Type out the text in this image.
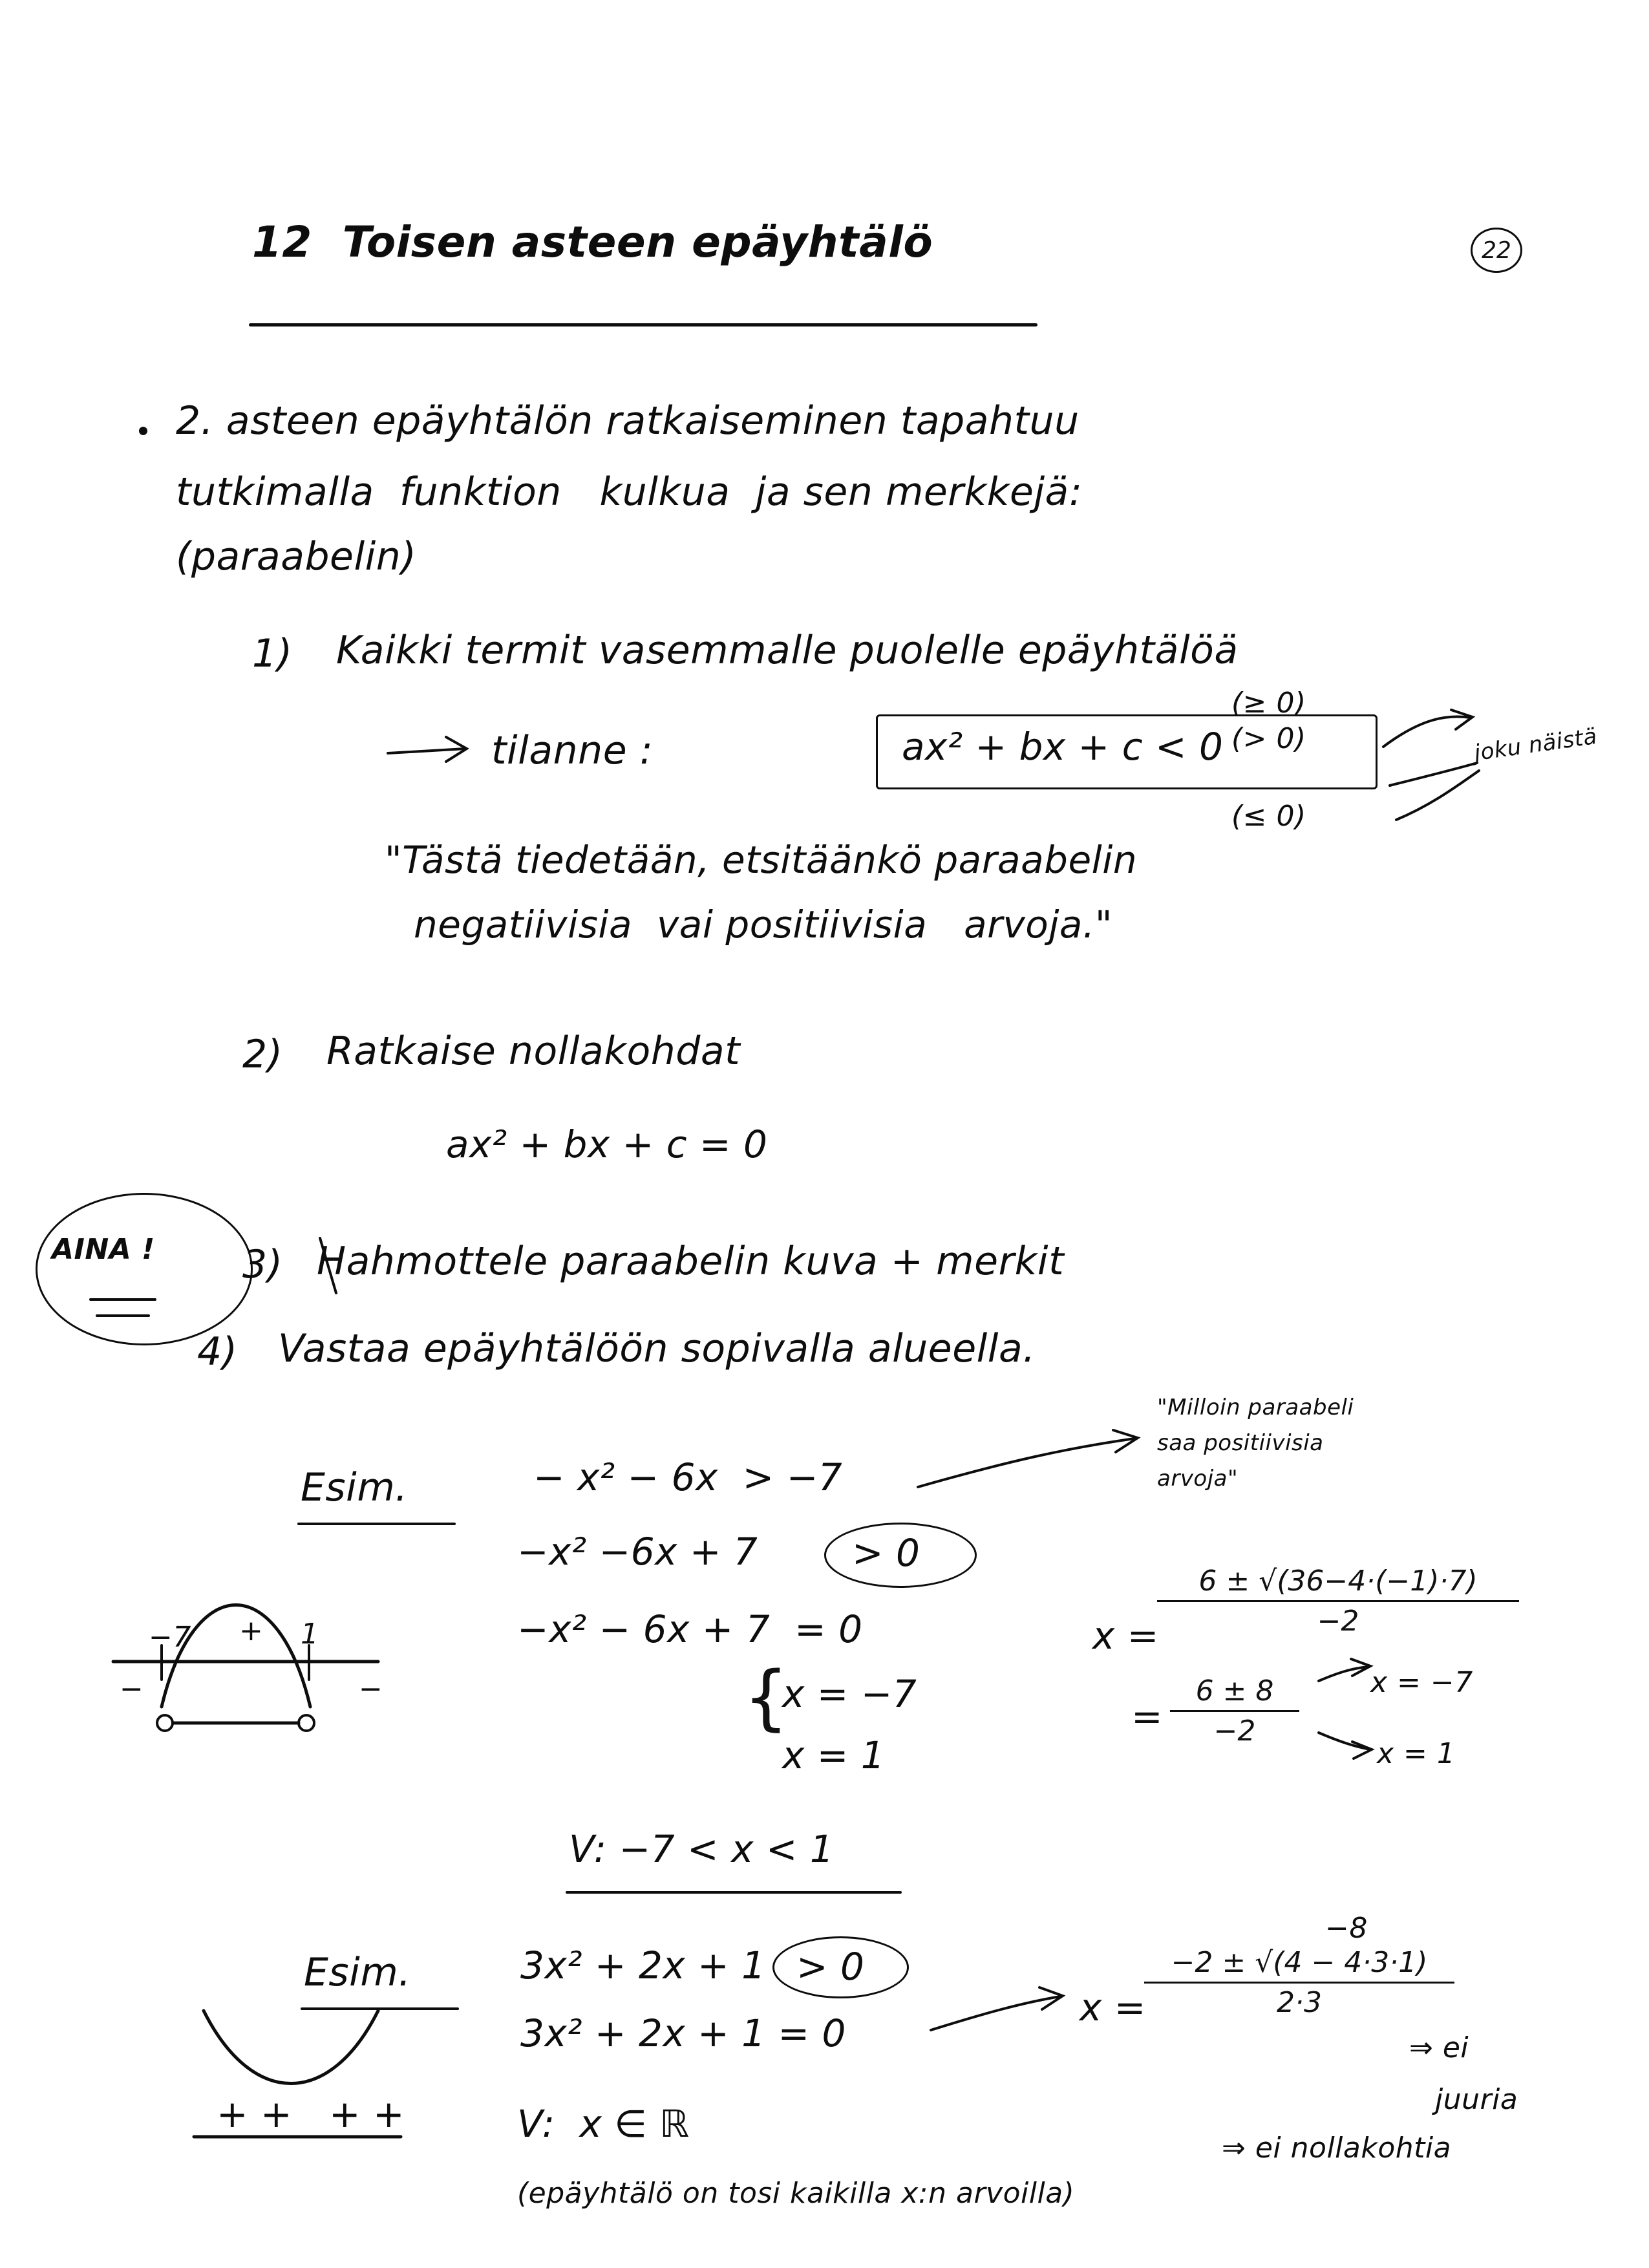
22
12  Toisen asteen epäyhtälö
2. asteen epäyhtälön ratkaiseminen tapahtuu
tutkimalla  funktion   kulkua  ja sen merkkejä:
(paraabelin)
1) Kaikki termit vasemmalle puolelle epäyhtälöä
tilanne :	ax² + bx + c < 0
(≥ 0)
(> 0)
(≤ 0)
joku näistä
"Tästä tiedetään, etsitäänkö paraabelin
negatiivisia  vai positiivisia   arvoja."
2) Ratkaise nollakohdat
ax² + bx + c = 0
AINA ! 3) Hahmottele paraabelin kuva + merkit
4) Vastaa epäyhtälöön sopivalla alueella.
Esim.
"Milloin paraabeli
saa positiivisia
arvoja"
− x² − 6x  > −7
−x² −6x + 7	> 0
−x² − 6x + 7  = 0
{
x = −7
x = 1
x =
6 ± √(36−4·(−1)·7)
−2
=
6 ± 8
−2
x = −7
x = 1
V: −7 < x < 1
−7 + 1
−	−
Esim.	3x² + 2x + 1 > 0
3x² + 2x + 1 = 0
−8
x =
−2 ± √(4 − 4·3·1)
2·3
⇒ ei
juuria
⇒ ei nollakohtia
V:  x ∈ ℝ
(epäyhtälö on tosi kaikilla x:n arvoilla)
+ +   + +
